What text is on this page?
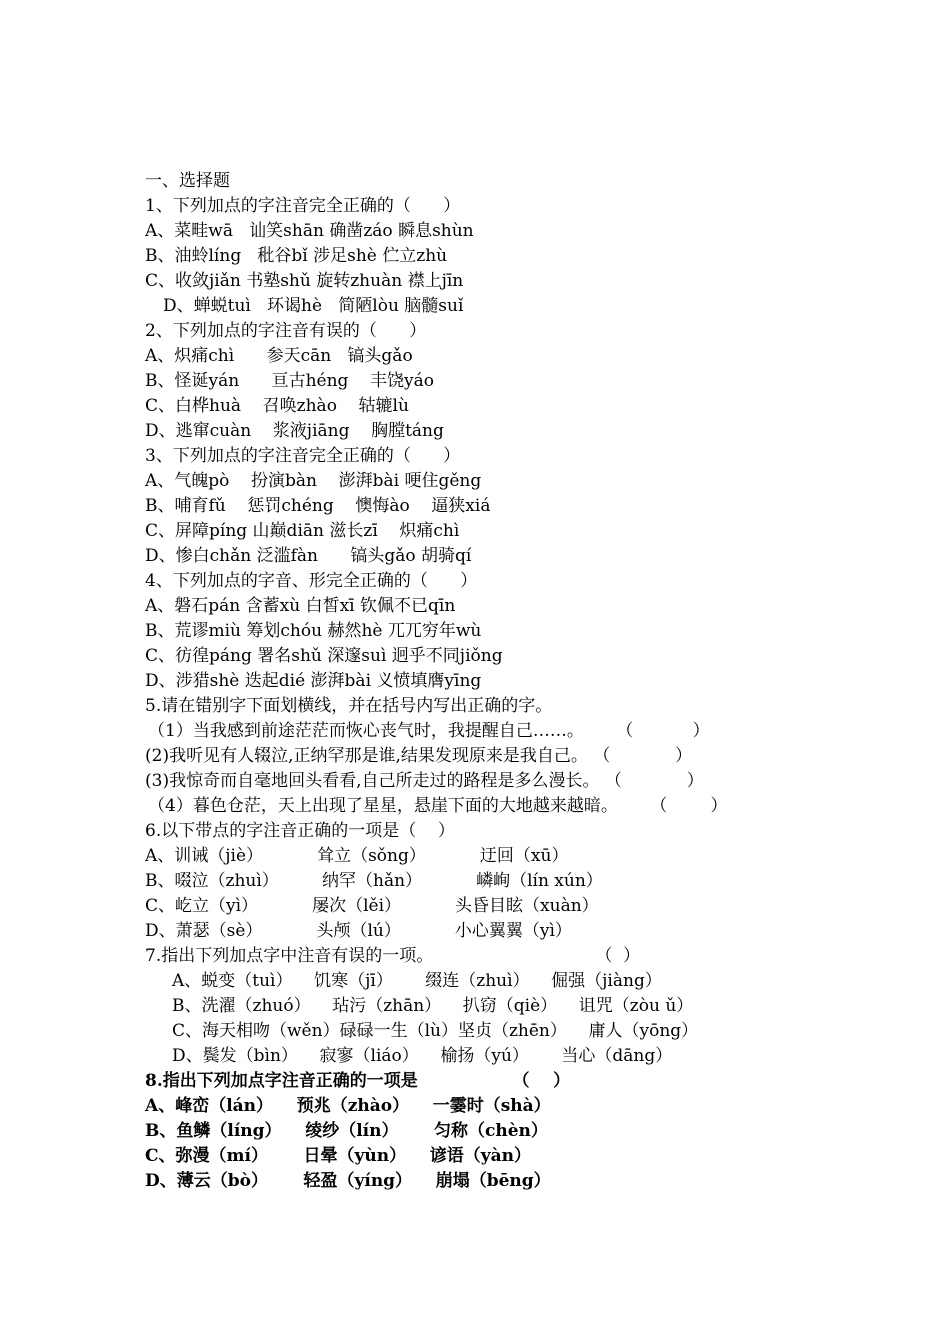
一、选择题
1、下列加点的字注音完全正确的（      ）
A、菜畦wā   讪笑shān 确凿záo 瞬息shùn
B、油蛉líng   秕谷bǐ 涉足shè 伫立zhù
C、收敛jiǎn 书塾shǔ 旋转zhuàn 襟上jīn
D、蝉蜕tuì   环谒hè   简陋lòu 脑髓suǐ
2、下列加点的字注音有误的（      ）
A、炽痛chì      参天cān   镐头gǎo
B、怪诞yán      亘古héng    丰饶yáo
C、白桦huà    召唤zhào    轱辘lù
D、逃窜cuàn    浆液jiāng    胸膛táng
3、下列加点的字注音完全正确的（      ）
A、气魄pò    扮演bàn    澎湃bài 哽住gěng
B、哺育fǔ    惩罚chéng    懊悔ào    逼狭xiá
C、屏障píng 山巅diān 滋长zī    炽痛chì
D、惨白chǎn 泛滥fàn      镐头gǎo 胡骑qí
4、下列加点的字音、形完全正确的（      ）
A、磐石pán 含蓄xù 白皙xī 钦佩不已qīn
B、荒谬miù 筹划chóu 赫然hè 兀兀穷年wù
C、彷徨páng 署名shǔ 深邃suì 迥乎不同jiǒng
D、涉猎shè 迭起dié 澎湃bài 义愤填膺yīng
5.请在错别字下面划横线，并在括号内写出正确的字。
（1）当我感到前途茫茫而恢心丧气时，我提醒自己……。      （           ）
(2)我听见有人辍泣,正纳罕那是谁,结果发现原来是我自己。 （            ）
(3)我惊奇而自毫地回头看看,自己所走过的路程是多么漫长。 （            ）
（4）暮色仓茫，天上出现了星星，悬崖下面的大地越来越暗。      （        ）
6.以下带点的字注音正确的一项是（    ）
A、训诫（jiè）          耸立（sǒng）          迂回（xū）
B、啜泣（zhuì）        纳罕（hǎn）          嶙峋（lín xún）
C、屹立（yì）          屡次（lěi）          头昏目眩（xuàn）
D、萧瑟（sè）          头颅（lú）          小心翼翼（yì）
7.指出下列加点字中注音有误的一项。                              （  ）
A、蜕变（tuì）    饥寒（jī）      缀连（zhuì）    倔强（jiàng）
B、洗濯（zhuó）    玷污（zhān）    扒窃（qiè）    诅咒（zòu ǔ）
C、海天相吻（wěn）碌碌一生（lù）坚贞（zhēn）    庸人（yōng）
D、鬓发（bìn）    寂寥（liáo）    榆扬（yú）      当心（dāng）
8.指出下列加点字注音正确的一项是                （    ）
A、峰峦（lán）    预兆（zhào）    一霎时（shà）
B、鱼鳞（líng）    绫纱（lín）      匀称（chèn）
C、弥漫（mí）      日晕（yùn）    谚语（yàn）
D、薄云（bò）      轻盈（yíng）    崩塌（bēng）
